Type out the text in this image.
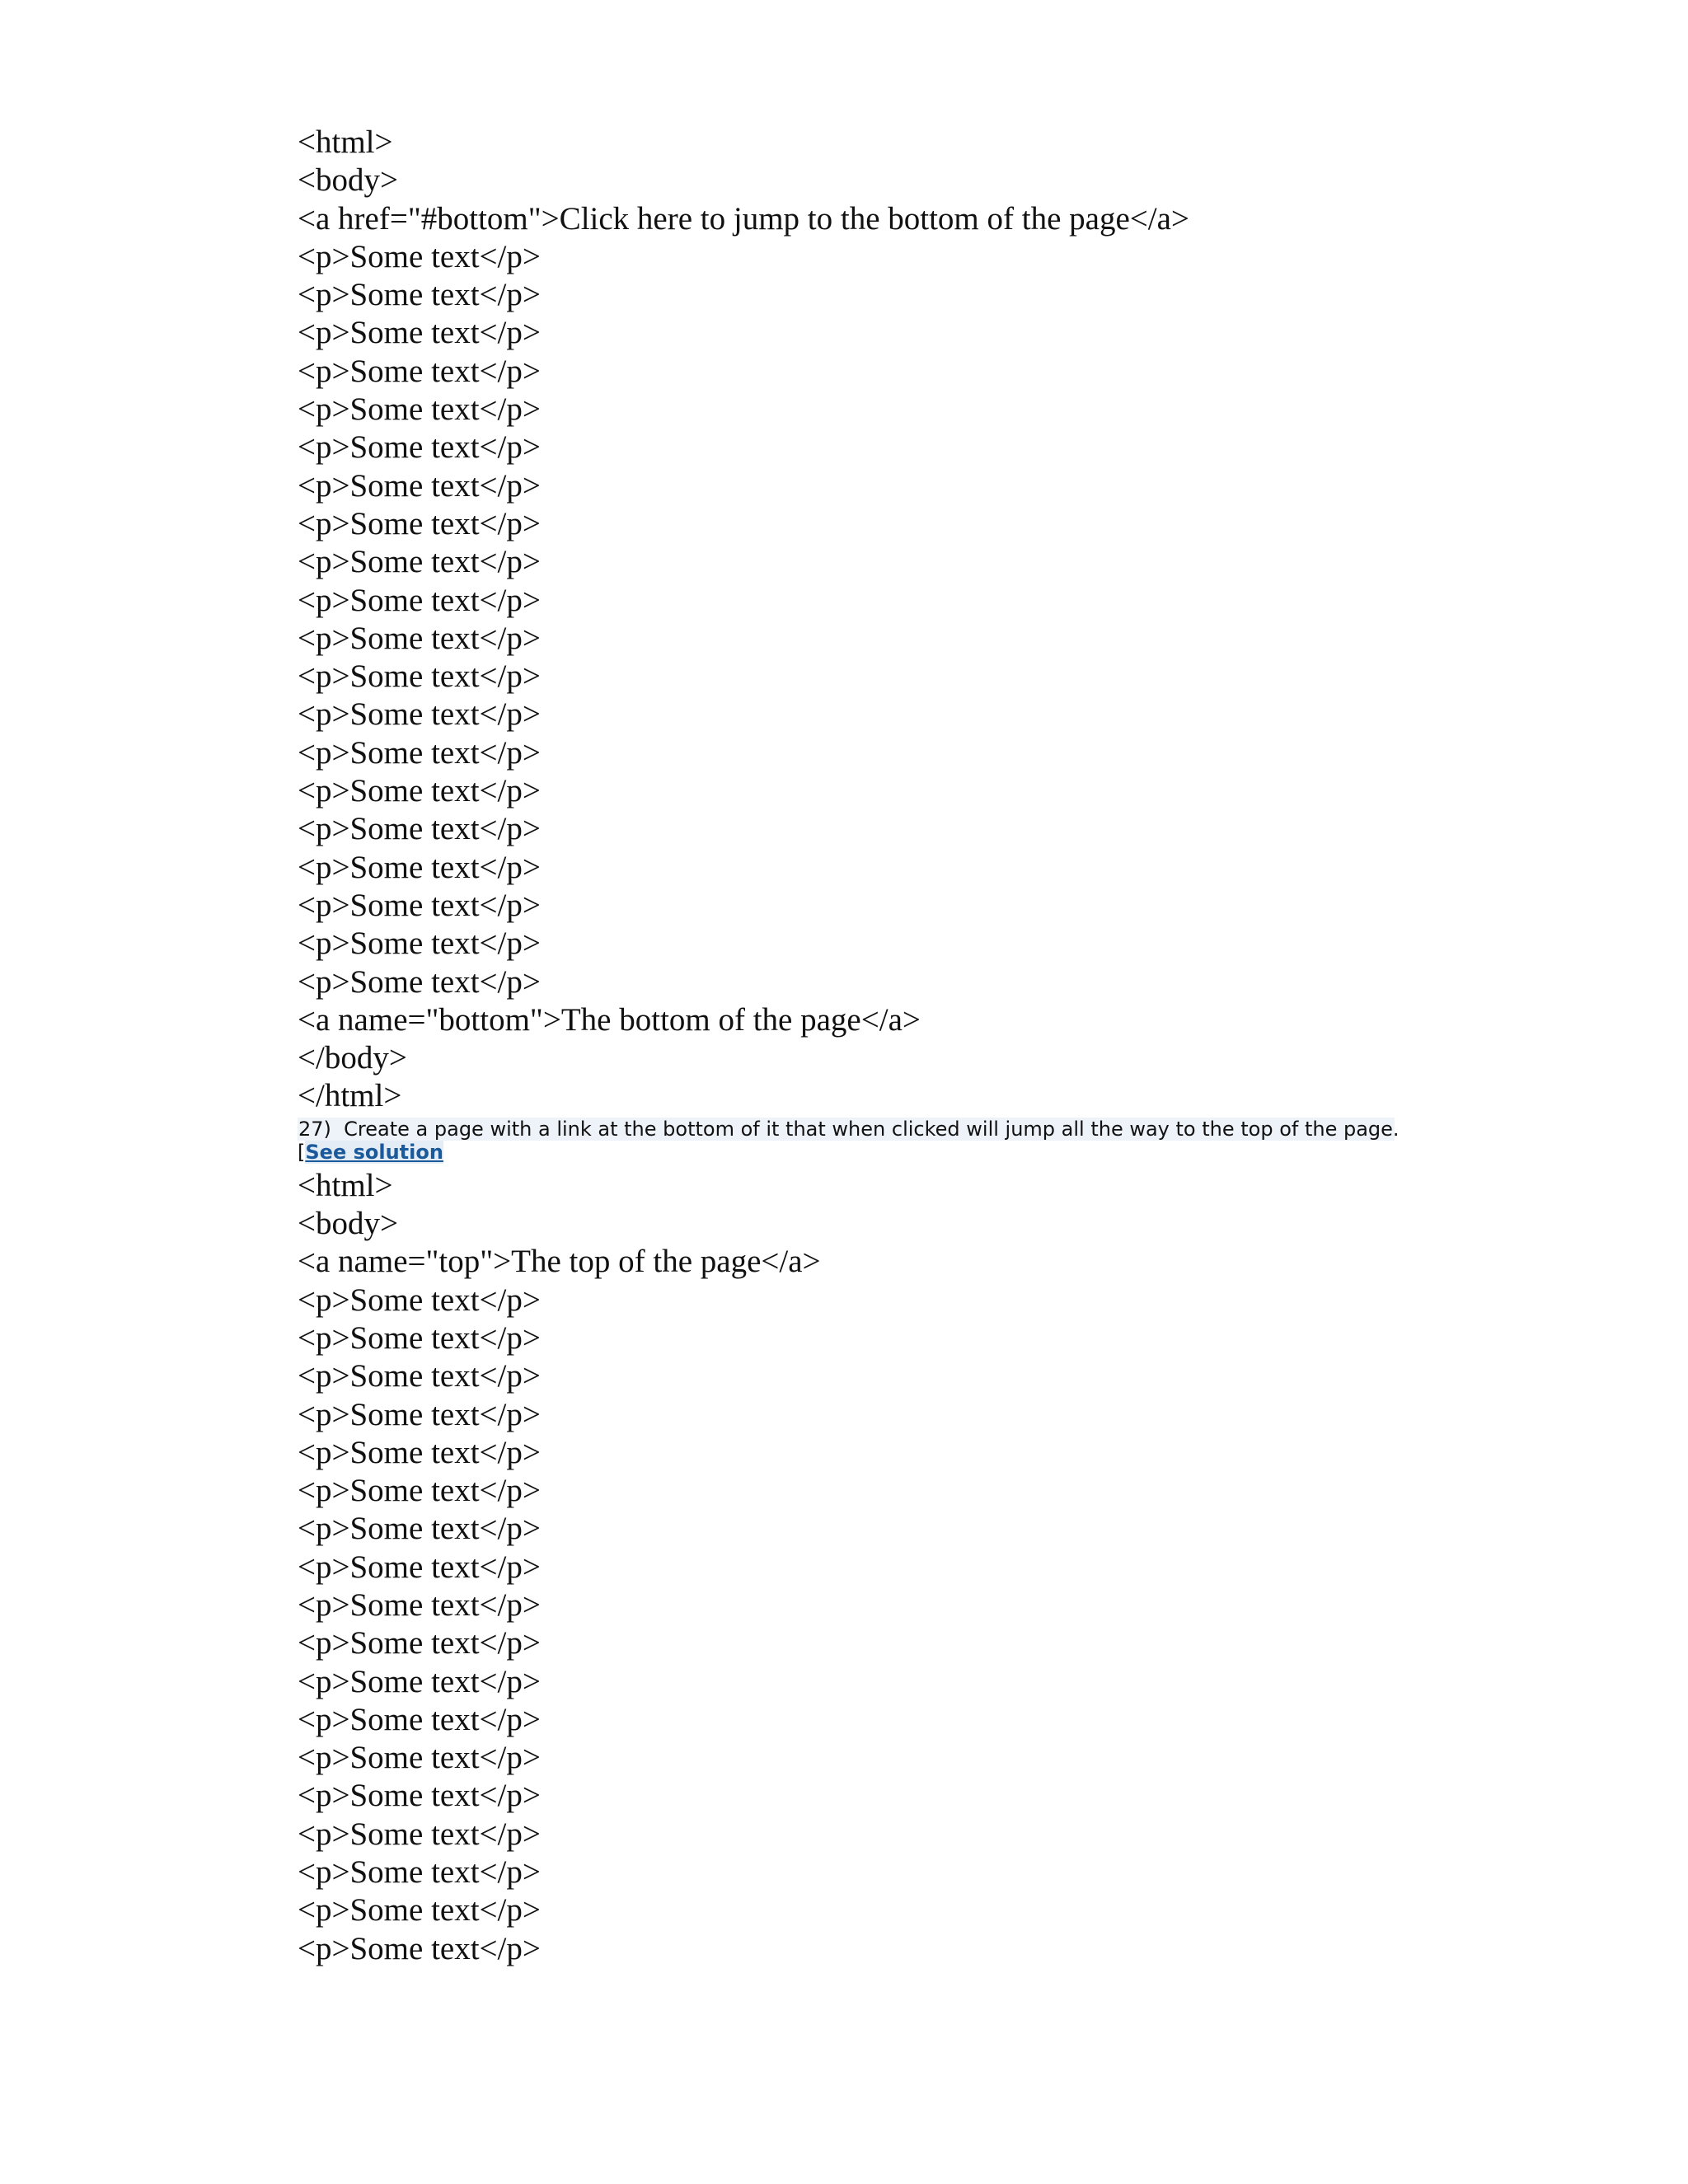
<html>
<body>
<a href="#bottom">Click here to jump to the bottom of the page</a>
<p>Some text</p>
<p>Some text</p>
<p>Some text</p>
<p>Some text</p>
<p>Some text</p>
<p>Some text</p>
<p>Some text</p>
<p>Some text</p>
<p>Some text</p>
<p>Some text</p>
<p>Some text</p>
<p>Some text</p>
<p>Some text</p>
<p>Some text</p>
<p>Some text</p>
<p>Some text</p>
<p>Some text</p>
<p>Some text</p>
<p>Some text</p>
<p>Some text</p>
<a name="bottom">The bottom of the page</a>
</body>
</html>
27)  Create a page with a link at the bottom of it that when clicked will jump all the way to the top of the page.
[See solution
<html>
<body>
<a name="top">The top of the page</a>
<p>Some text</p>
<p>Some text</p>
<p>Some text</p>
<p>Some text</p>
<p>Some text</p>
<p>Some text</p>
<p>Some text</p>
<p>Some text</p>
<p>Some text</p>
<p>Some text</p>
<p>Some text</p>
<p>Some text</p>
<p>Some text</p>
<p>Some text</p>
<p>Some text</p>
<p>Some text</p>
<p>Some text</p>
<p>Some text</p>
